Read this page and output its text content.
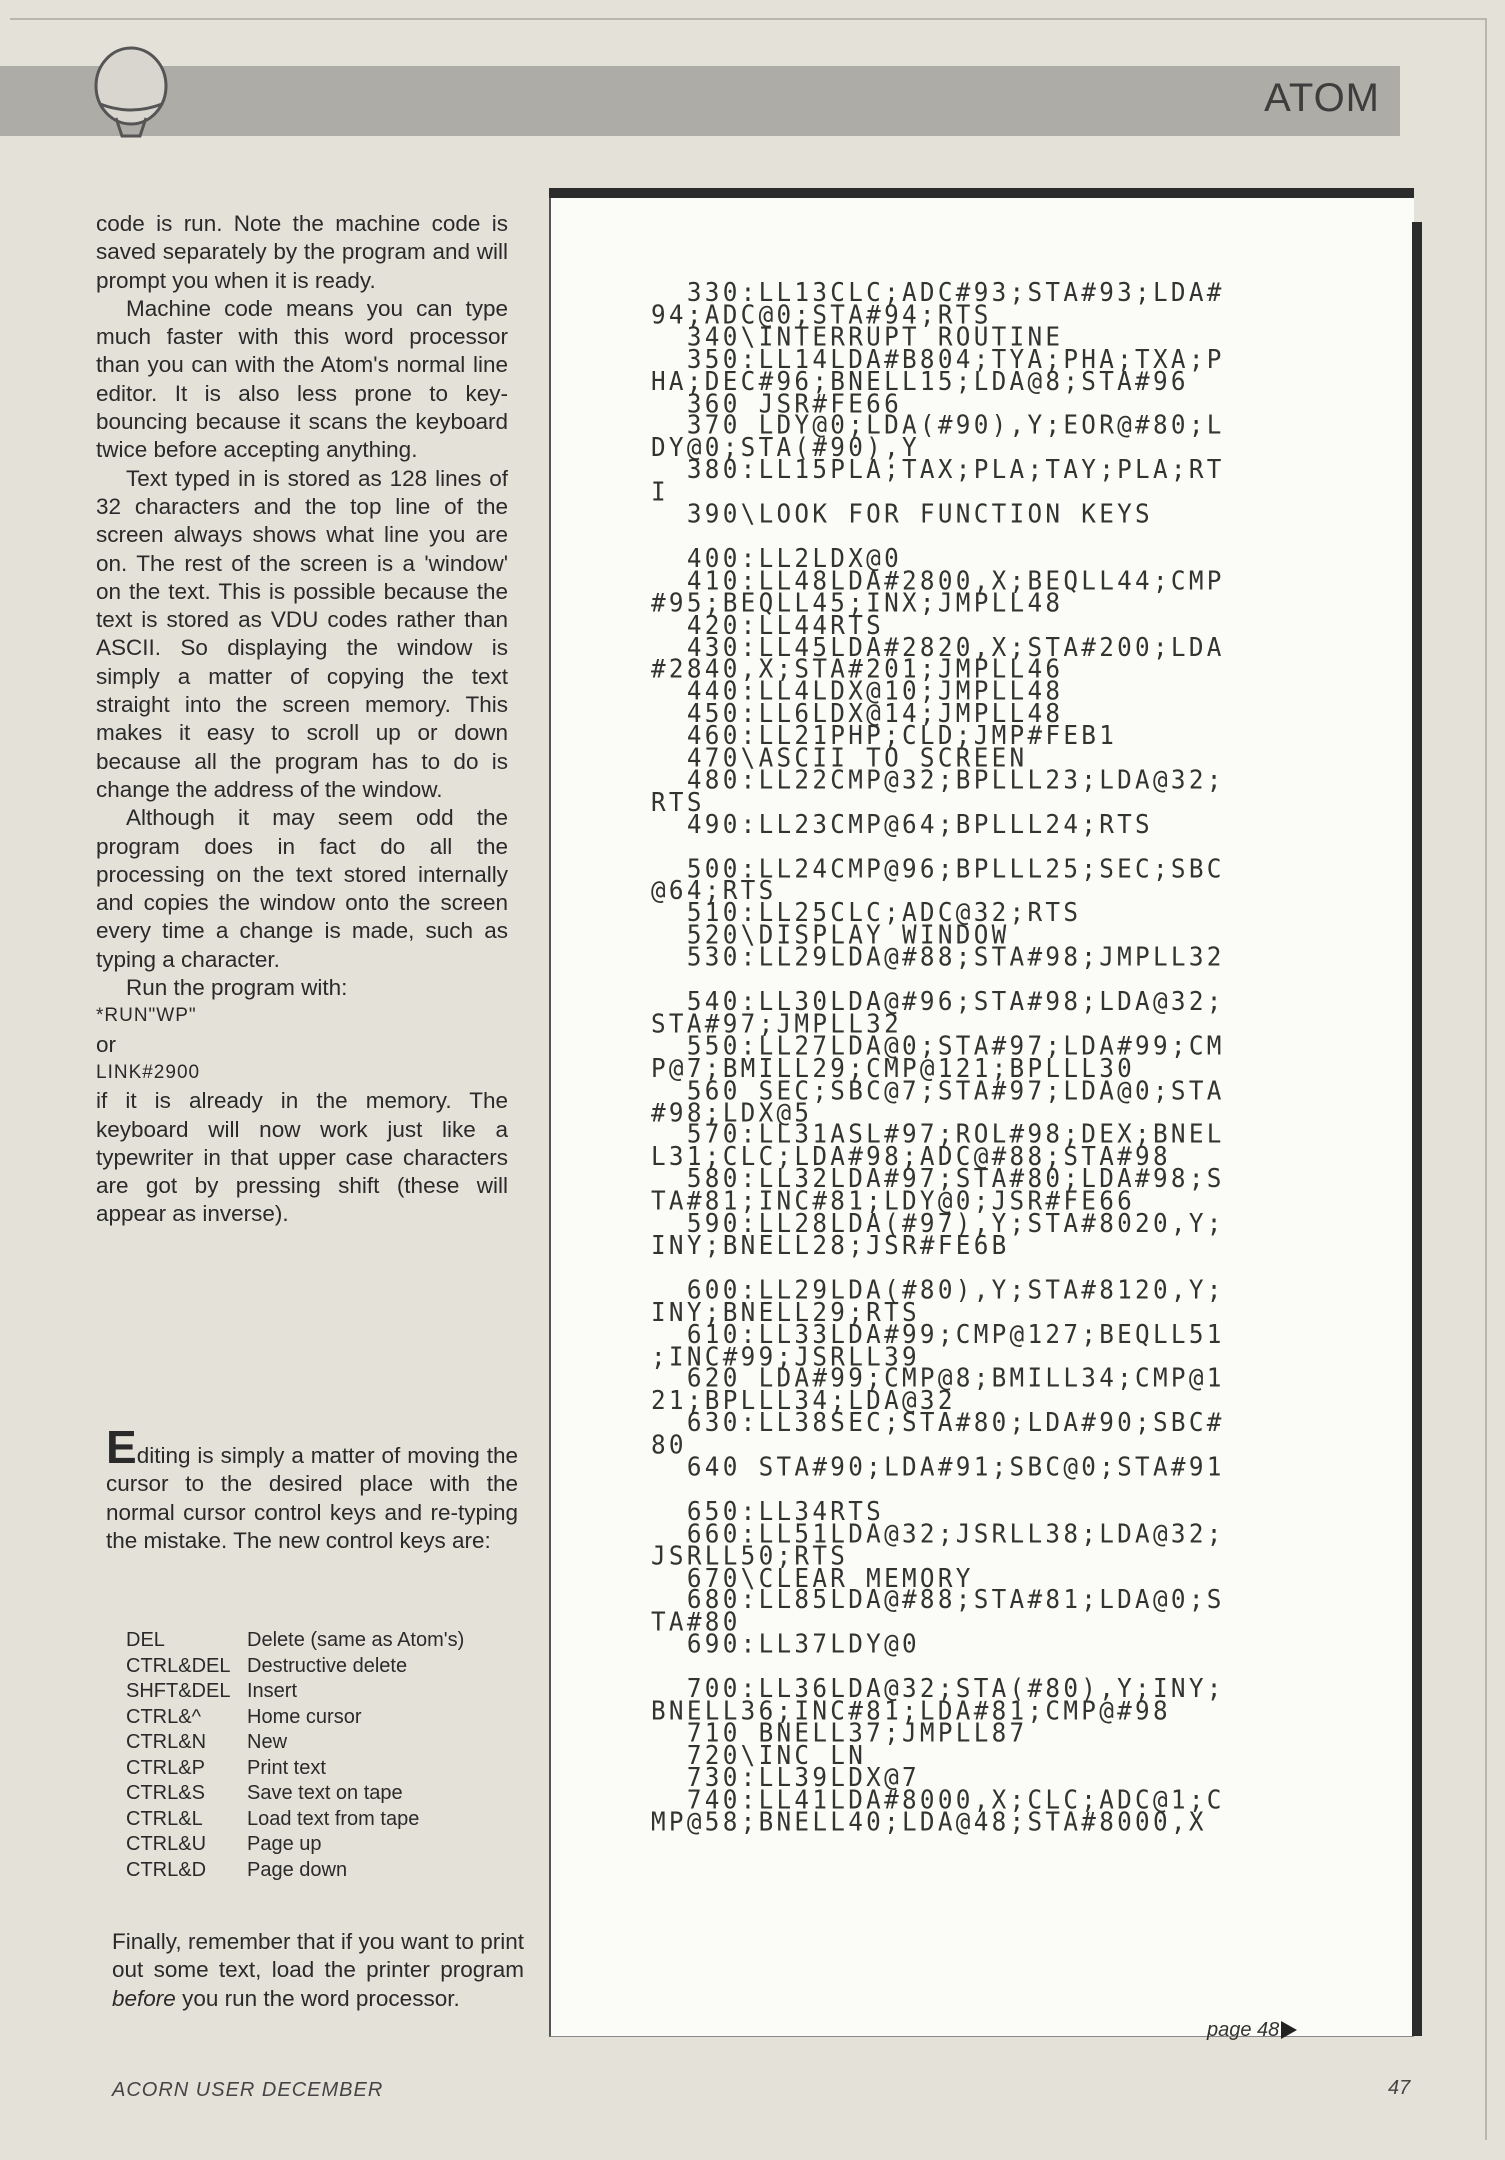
ATOM

code is run. Note the machine code is saved separately by the program and will prompt you when it is ready.

Machine code means you can type much faster with this word processor than you can with the Atom's normal line editor. It is also less prone to key-bouncing because it scans the keyboard twice before accepting anything.

Text typed in is stored as 128 lines of 32 characters and the top line of the screen always shows what line you are on. The rest of the screen is a 'window' on the text. This is possible because the text is stored as VDU codes rather than ASCII. So displaying the window is simply a matter of copying the text straight into the screen memory. This makes it easy to scroll up or down because all the program has to do is change the address of the window.

Although it may seem odd the program does in fact do all the processing on the text stored internally and copies the window onto the screen every time a change is made, such as typing a character.

Run the program with:

*RUN"WP"

or

LINK#2900

if it is already in the memory. The keyboard will now work just like a typewriter in that upper case characters are got by pressing shift (these will appear as inverse).

Editing is simply a matter of moving the cursor to the desired place with the normal cursor control keys and re-typing the mistake. The new control keys are:
DEL	Delete (same as Atom's)
CTRL&DEL	Destructive delete
SHFT&DEL	Insert
CTRL&^	Home cursor
CTRL&N	New
CTRL&P	Print text
CTRL&S	Save text on tape
CTRL&L	Load text from tape
CTRL&U	Page up
CTRL&D	Page down
Finally, remember that if you want to print out some text, load the printer program before you run the word processor.
330:LL13CLC;ADC#93;STA#93;LDA#
94;ADC@0;STA#94;RTS
340\INTERRUPT ROUTINE
350:LL14LDA#B804;TYA;PHA;TXA;P
HA;DEC#96;BNELL15;LDA@8;STA#96
360 JSR#FE66
370 LDY@0;LDA(#90),Y;EOR@#80;L
DY@0;STA(#90),Y
380:LL15PLA;TAX;PLA;TAY;PLA;RT
I
390\LOOK FOR FUNCTION KEYS

400:LL2LDX@0
410:LL48LDA#2800,X;BEQLL44;CMP
#95;BEQLL45;INX;JMPLL48
420:LL44RTS
430:LL45LDA#2820,X;STA#200;LDA
#2840,X;STA#201;JMPLL46
440:LL4LDX@10;JMPLL48
450:LL6LDX@14;JMPLL48
460:LL21PHP;CLD;JMP#FEB1
470\ASCII TO SCREEN
480:LL22CMP@32;BPLLL23;LDA@32;
RTS
490:LL23CMP@64;BPLLL24;RTS

500:LL24CMP@96;BPLLL25;SEC;SBC
@64;RTS
510:LL25CLC;ADC@32;RTS
520\DISPLAY WINDOW
530:LL29LDA@#88;STA#98;JMPLL32

540:LL30LDA@#96;STA#98;LDA@32;
STA#97;JMPLL32
550:LL27LDA@0;STA#97;LDA#99;CM
P@7;BMILL29;CMP@121;BPLLL30
560 SEC;SBC@7;STA#97;LDA@0;STA
#98;LDX@5
570:LL31ASL#97;ROL#98;DEX;BNEL
L31;CLC;LDA#98;ADC@#88;STA#98
580:LL32LDA#97;STA#80;LDA#98;S
TA#81;INC#81;LDY@0;JSR#FE66
590:LL28LDA(#97),Y;STA#8020,Y;
INY;BNELL28;JSR#FE6B

600:LL29LDA(#80),Y;STA#8120,Y;
INY;BNELL29;RTS
610:LL33LDA#99;CMP@127;BEQLL51
;INC#99;JSRLL39
620 LDA#99;CMP@8;BMILL34;CMP@1
21;BPLLL34;LDA@32
630:LL38SEC;STA#80;LDA#90;SBC#
80
640 STA#90;LDA#91;SBC@0;STA#91

650:LL34RTS
660:LL51LDA@32;JSRLL38;LDA@32;
JSRLL50;RTS
670\CLEAR MEMORY
680:LL85LDA@#88;STA#81;LDA@0;S
TA#80
690:LL37LDY@0

700:LL36LDA@32;STA(#80),Y;INY;
BNELL36;INC#81;LDA#81;CMP@#98
710 BNELL37;JMPLL87
720\INC LN
730:LL39LDX@7
740:LL41LDA#8000,X;CLC;ADC@1;C
MP@58;BNELL40;LDA@48;STA#8000,X
page 48
ACORN USER DECEMBER	47
